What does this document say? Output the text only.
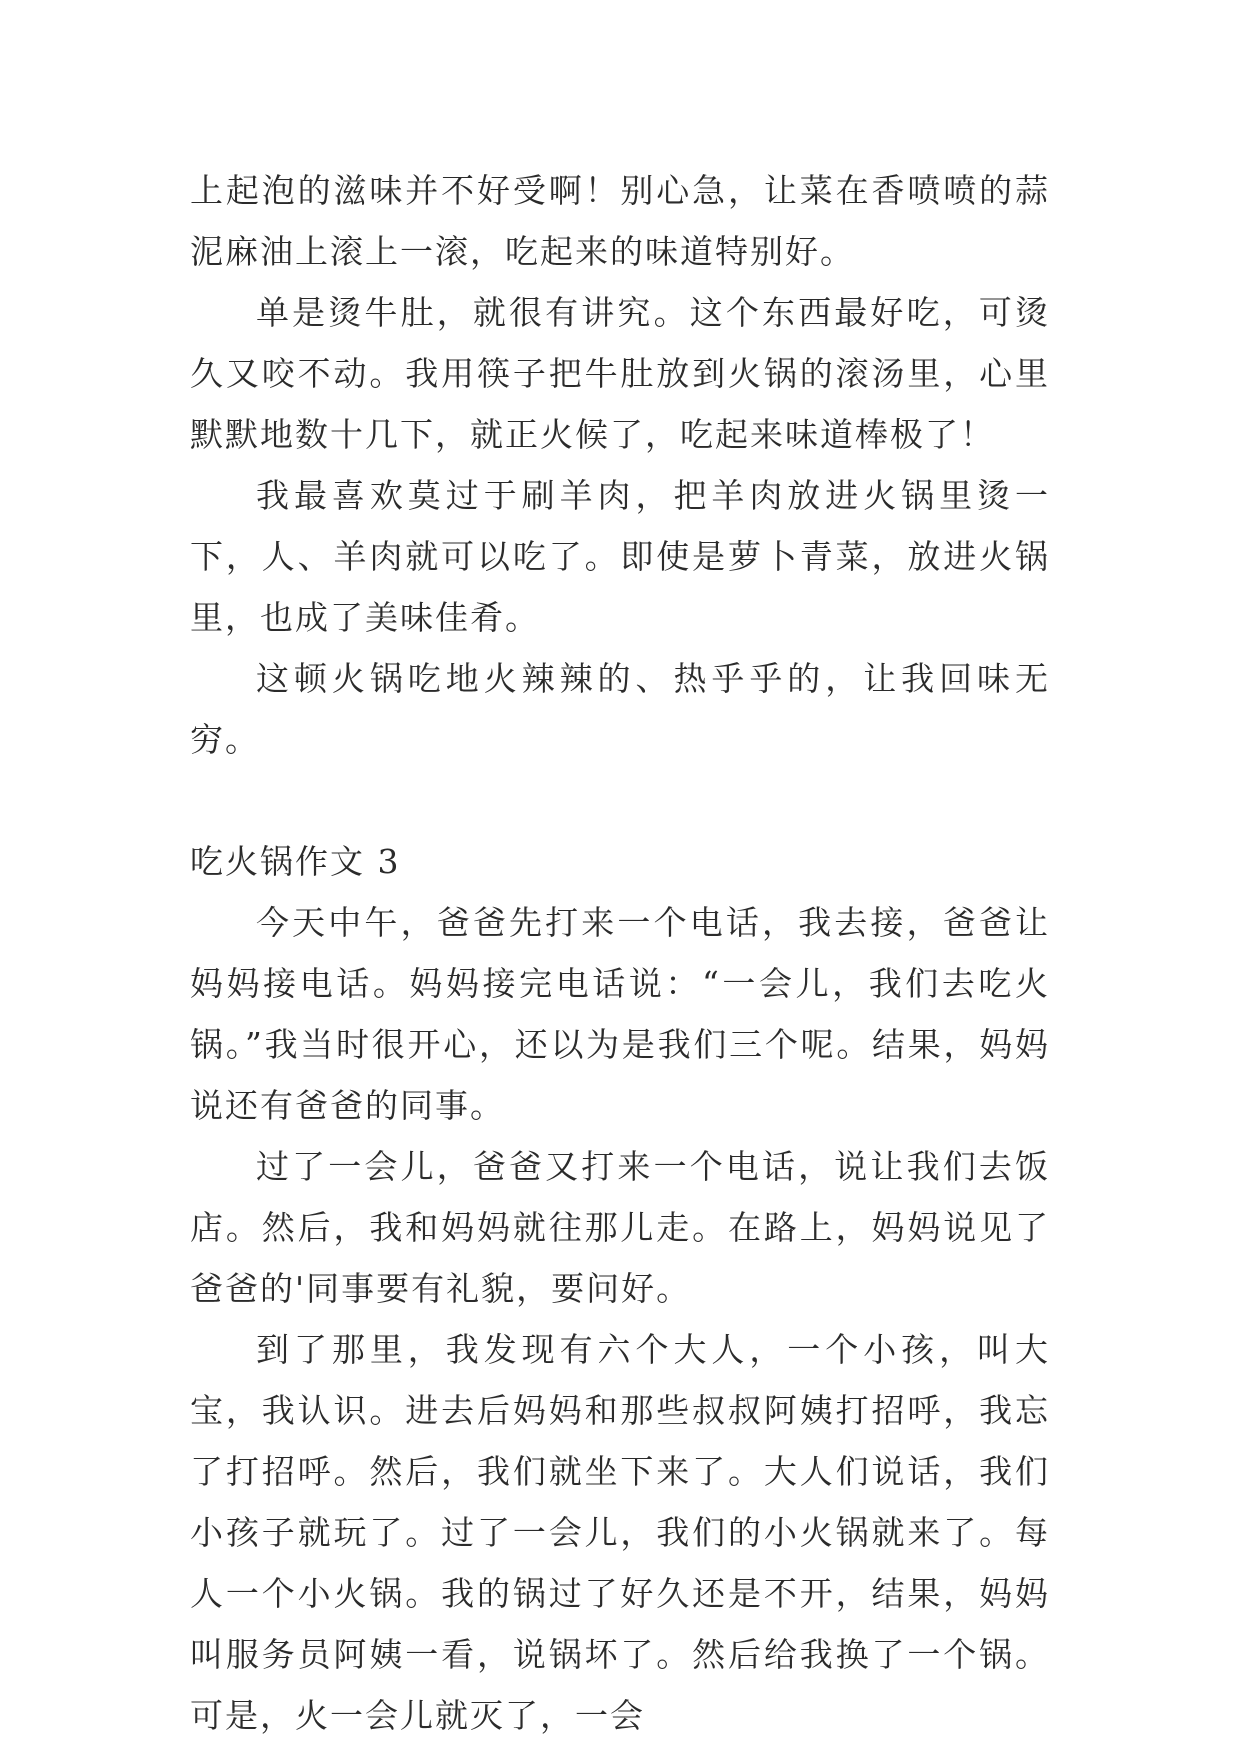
上起泡的滋味并不好受啊！别心急，让菜在香喷喷的蒜泥麻油上滚上一滚，吃起来的味道特别好。

单是烫牛肚，就很有讲究。这个东西最好吃，可烫久又咬不动。我用筷子把牛肚放到火锅的滚汤里，心里默默地数十几下，就正火候了，吃起来味道棒极了！

我最喜欢莫过于刷羊肉，把羊肉放进火锅里烫一下，人、羊肉就可以吃了。即使是萝卜青菜，放进火锅里，也成了美味佳肴。

这顿火锅吃地火辣辣的、热乎乎的，让我回味无穷。

吃火锅作文 3

今天中午，爸爸先打来一个电话，我去接，爸爸让妈妈接电话。妈妈接完电话说：“一会儿，我们去吃火锅。”我当时很开心，还以为是我们三个呢。结果，妈妈说还有爸爸的同事。

过了一会儿，爸爸又打来一个电话，说让我们去饭店。然后，我和妈妈就往那儿走。在路上，妈妈说见了爸爸的'同事要有礼貌，要问好。

到了那里，我发现有六个大人，一个小孩，叫大宝，我认识。进去后妈妈和那些叔叔阿姨打招呼，我忘了打招呼。然后，我们就坐下来了。大人们说话，我们小孩子就玩了。过了一会儿，我们的小火锅就来了。每人一个小火锅。我的锅过了好久还是不开，结果，妈妈叫服务员阿姨一看，说锅坏了。然后给我换了一个锅。可是，火一会儿就灭了，一会
